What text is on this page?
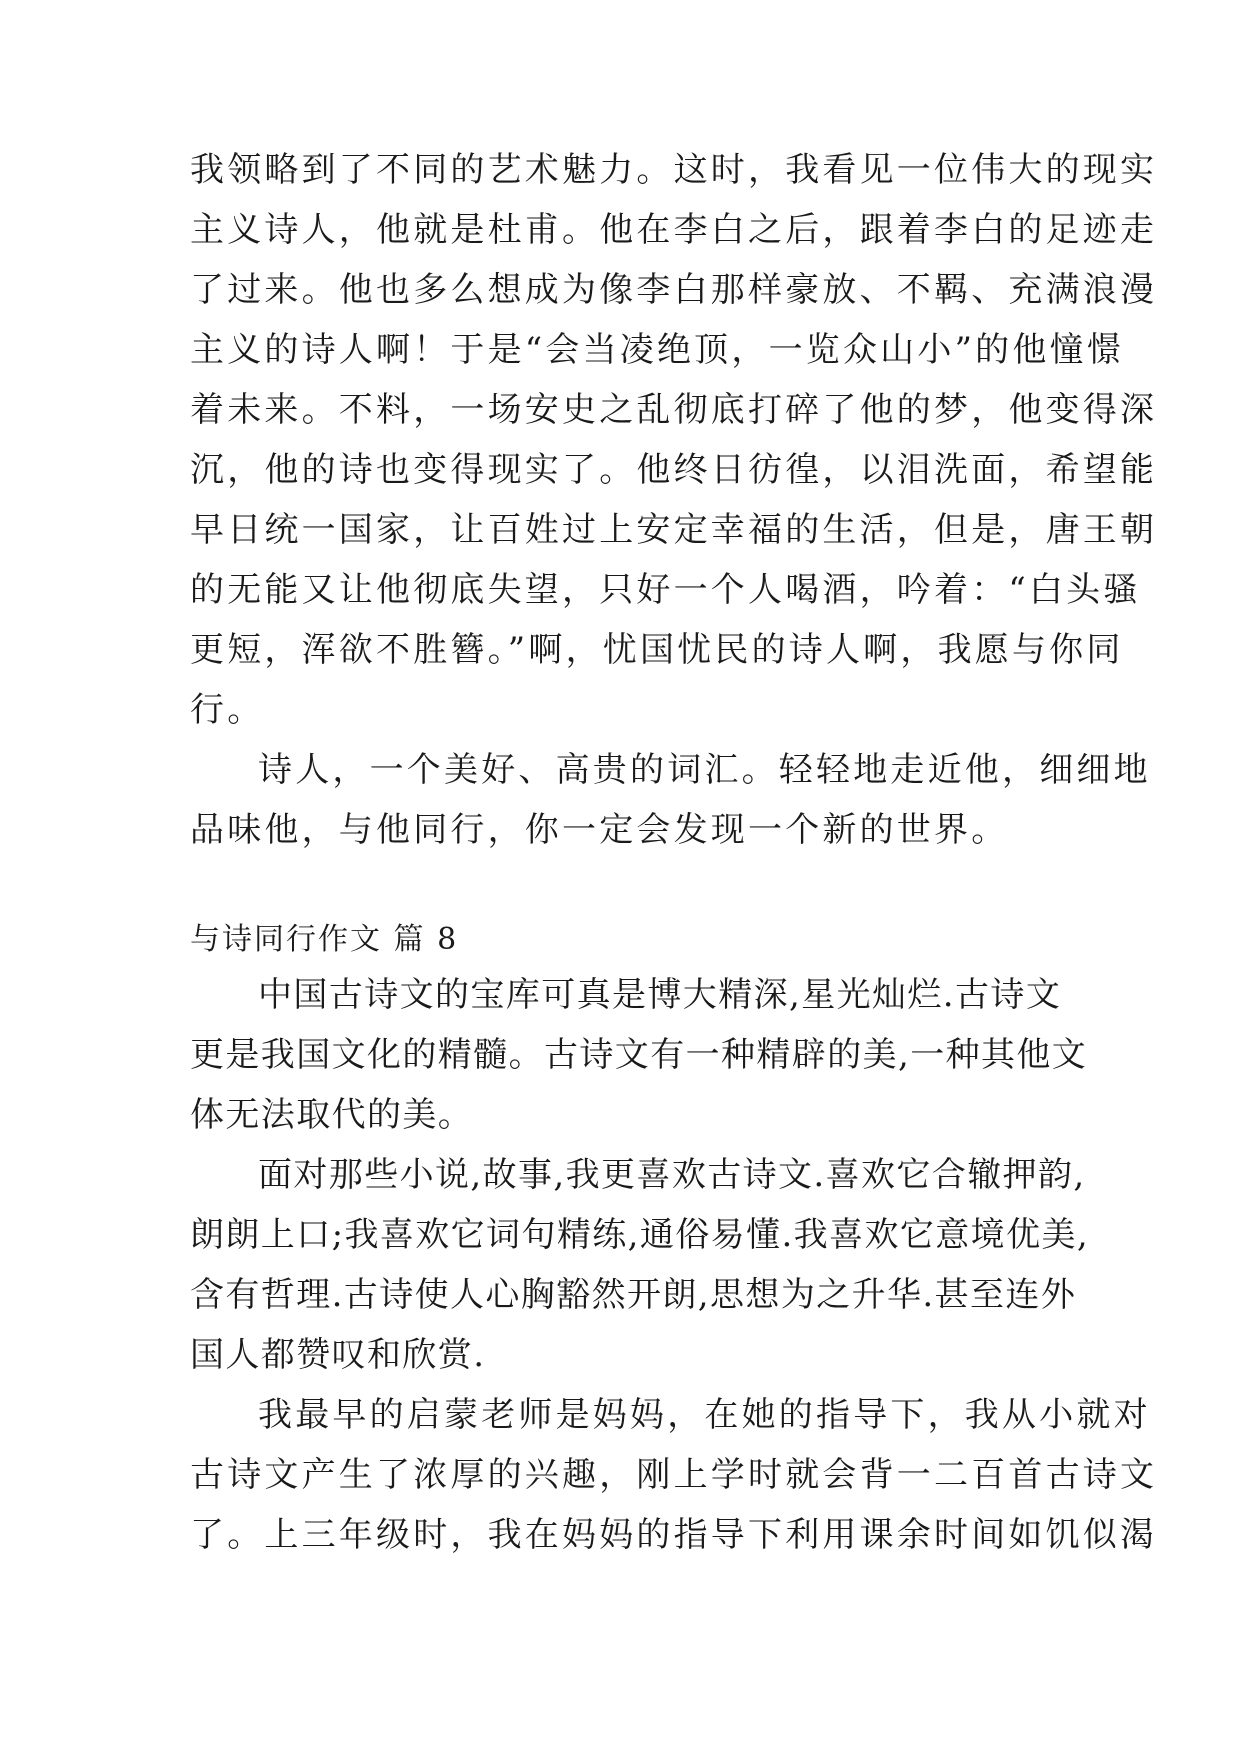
我领略到了不同的艺术魅力。这时，我看见一位伟大的现实
主义诗人，他就是杜甫。他在李白之后，跟着李白的足迹走
了过来。他也多么想成为像李白那样豪放、不羁、充满浪漫
主义的诗人啊！于是“会当凌绝顶，一览众山小”的他憧憬
着未来。不料，一场安史之乱彻底打碎了他的梦，他变得深
沉，他的诗也变得现实了。他终日彷徨，以泪洗面，希望能
早日统一国家，让百姓过上安定幸福的生活，但是，唐王朝
的无能又让他彻底失望，只好一个人喝酒，吟着：“白头骚
更短，浑欲不胜簪。”啊，忧国忧民的诗人啊，我愿与你同
行。
诗人，一个美好、高贵的词汇。轻轻地走近他，细细地
品味他，与他同行，你一定会发现一个新的世界。
与诗同行作文 篇 8
中国古诗文的宝库可真是博大精深,星光灿烂.古诗文
更是我国文化的精髓。古诗文有一种精辟的美,一种其他文
体无法取代的美。
面对那些小说,故事,我更喜欢古诗文.喜欢它合辙押韵,
朗朗上口;我喜欢它词句精练,通俗易懂.我喜欢它意境优美,
含有哲理.古诗使人心胸豁然开朗,思想为之升华.甚至连外
国人都赞叹和欣赏.
我最早的启蒙老师是妈妈，在她的指导下，我从小就对
古诗文产生了浓厚的兴趣，刚上学时就会背一二百首古诗文
了。上三年级时，我在妈妈的指导下利用课余时间如饥似渴
